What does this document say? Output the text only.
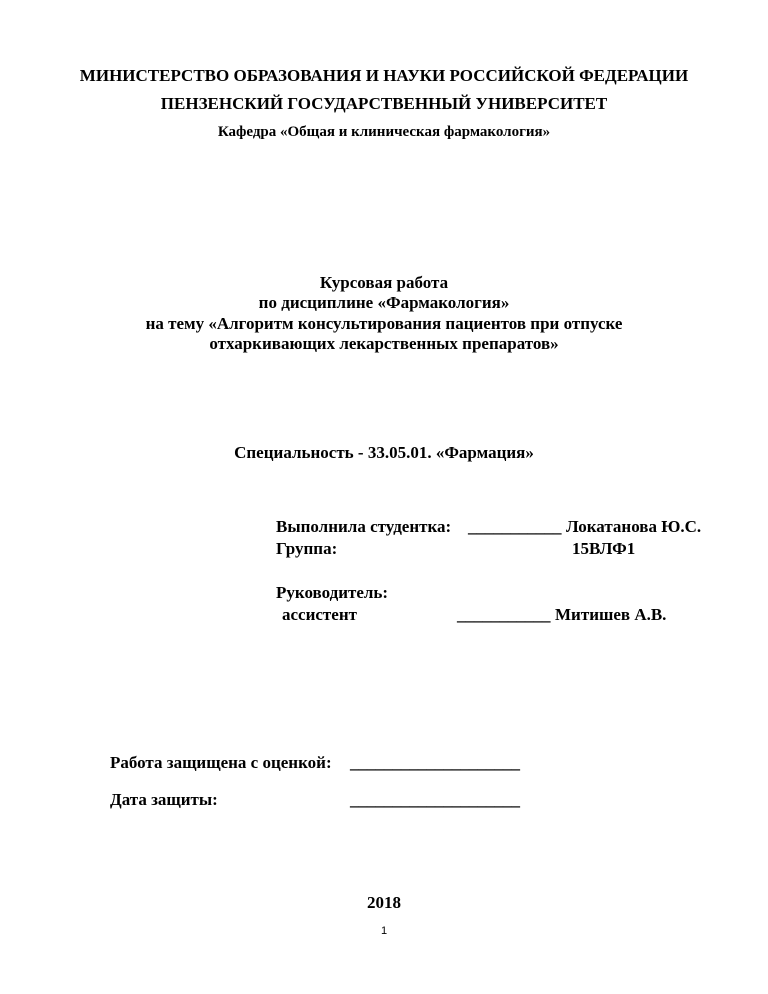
МИНИСТЕРСТВО ОБРАЗОВАНИЯ И НАУКИ РОССИЙСКОЙ ФЕДЕРАЦИИ
ПЕНЗЕНСКИЙ ГОСУДАРСТВЕННЫЙ УНИВЕРСИТЕТ
Кафедра «Общая и клиническая фармакология»
Курсовая работа
по дисциплине «Фармакология»
на тему «Алгоритм консультирования пациентов при отпуске
отхаркивающих лекарственных препаратов»
Специальность - 33.05.01. «Фармация»
Выполнила студентка: ___________ Локатанова Ю.С.
Группа:	15ВЛФ1
Руководитель:
ассистент	___________ Митишев А.В.
Работа защищена с оценкой: ____________________
Дата защиты:	____________________
2018
1
